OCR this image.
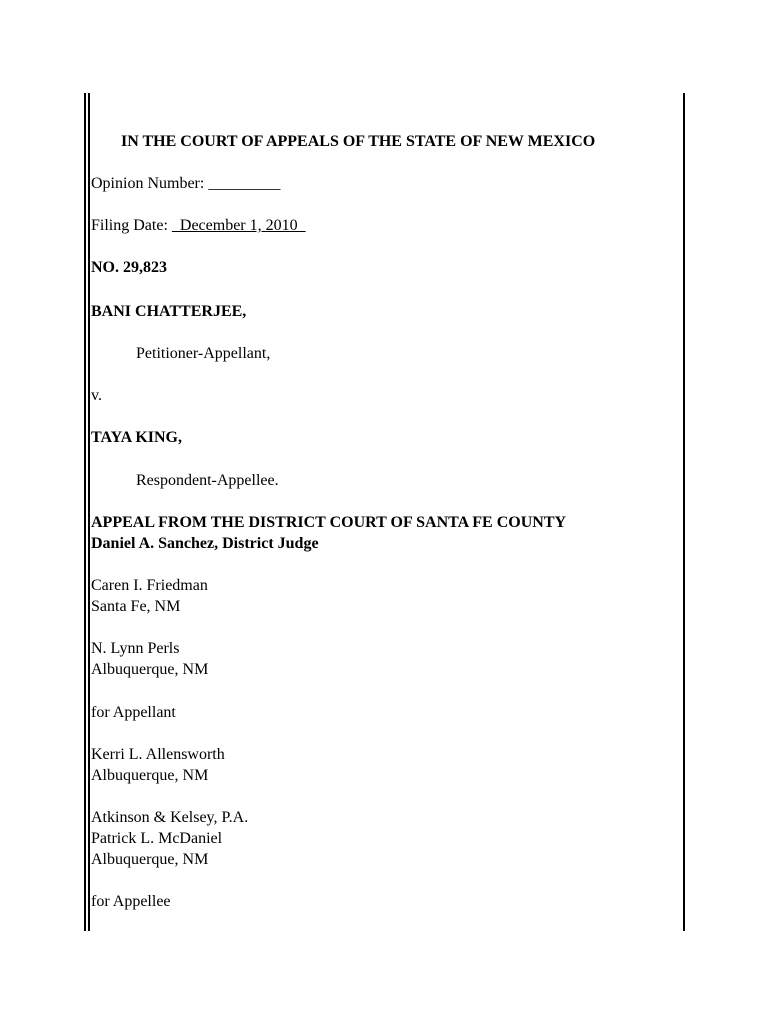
IN THE COURT OF APPEALS OF THE STATE OF NEW MEXICO
Opinion Number: _________
Filing Date:   December 1, 2010
NO. 29,823
BANI CHATTERJEE,
Petitioner-Appellant,
v.
TAYA KING,
Respondent-Appellee.
APPEAL FROM THE DISTRICT COURT OF SANTA FE COUNTY
Daniel A. Sanchez, District Judge
Caren I. Friedman
Santa Fe, NM
N. Lynn Perls
Albuquerque, NM
for Appellant
Kerri L. Allensworth
Albuquerque, NM
Atkinson & Kelsey, P.A.
Patrick L. McDaniel
Albuquerque, NM
for Appellee
